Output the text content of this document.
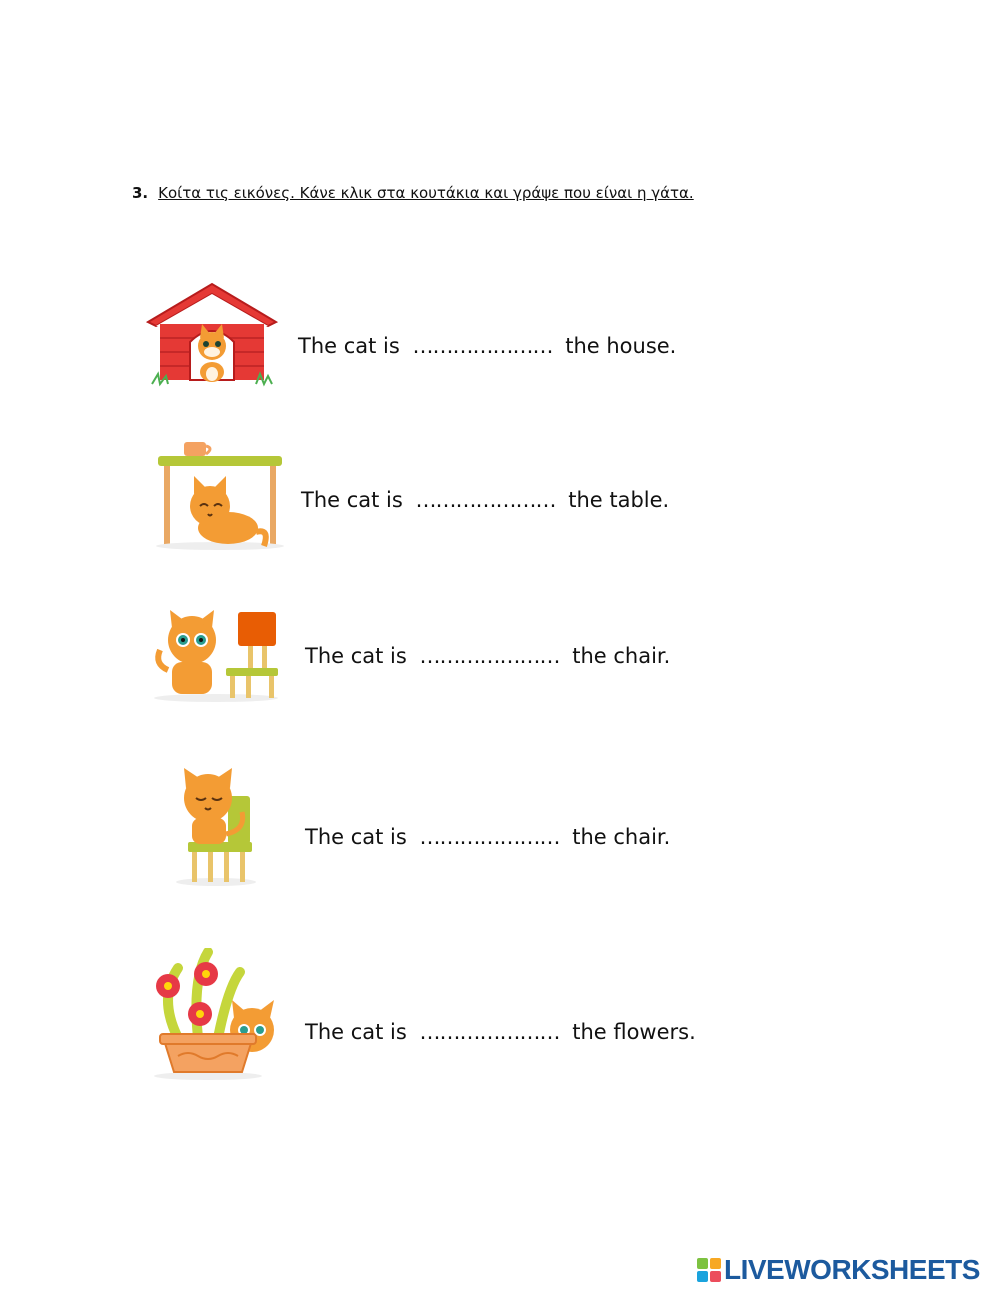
3. Κοίτα τις εικόνες. Κάνε κλικ στα κουτάκια και γράψε που είναι η γάτα.
The cat is ………………… the house.
The cat is ………………… the table.
The cat is ………………… the chair.
The cat is ………………… the chair.
The cat is ………………… the flowers.
LIVEWORKSHEETS
